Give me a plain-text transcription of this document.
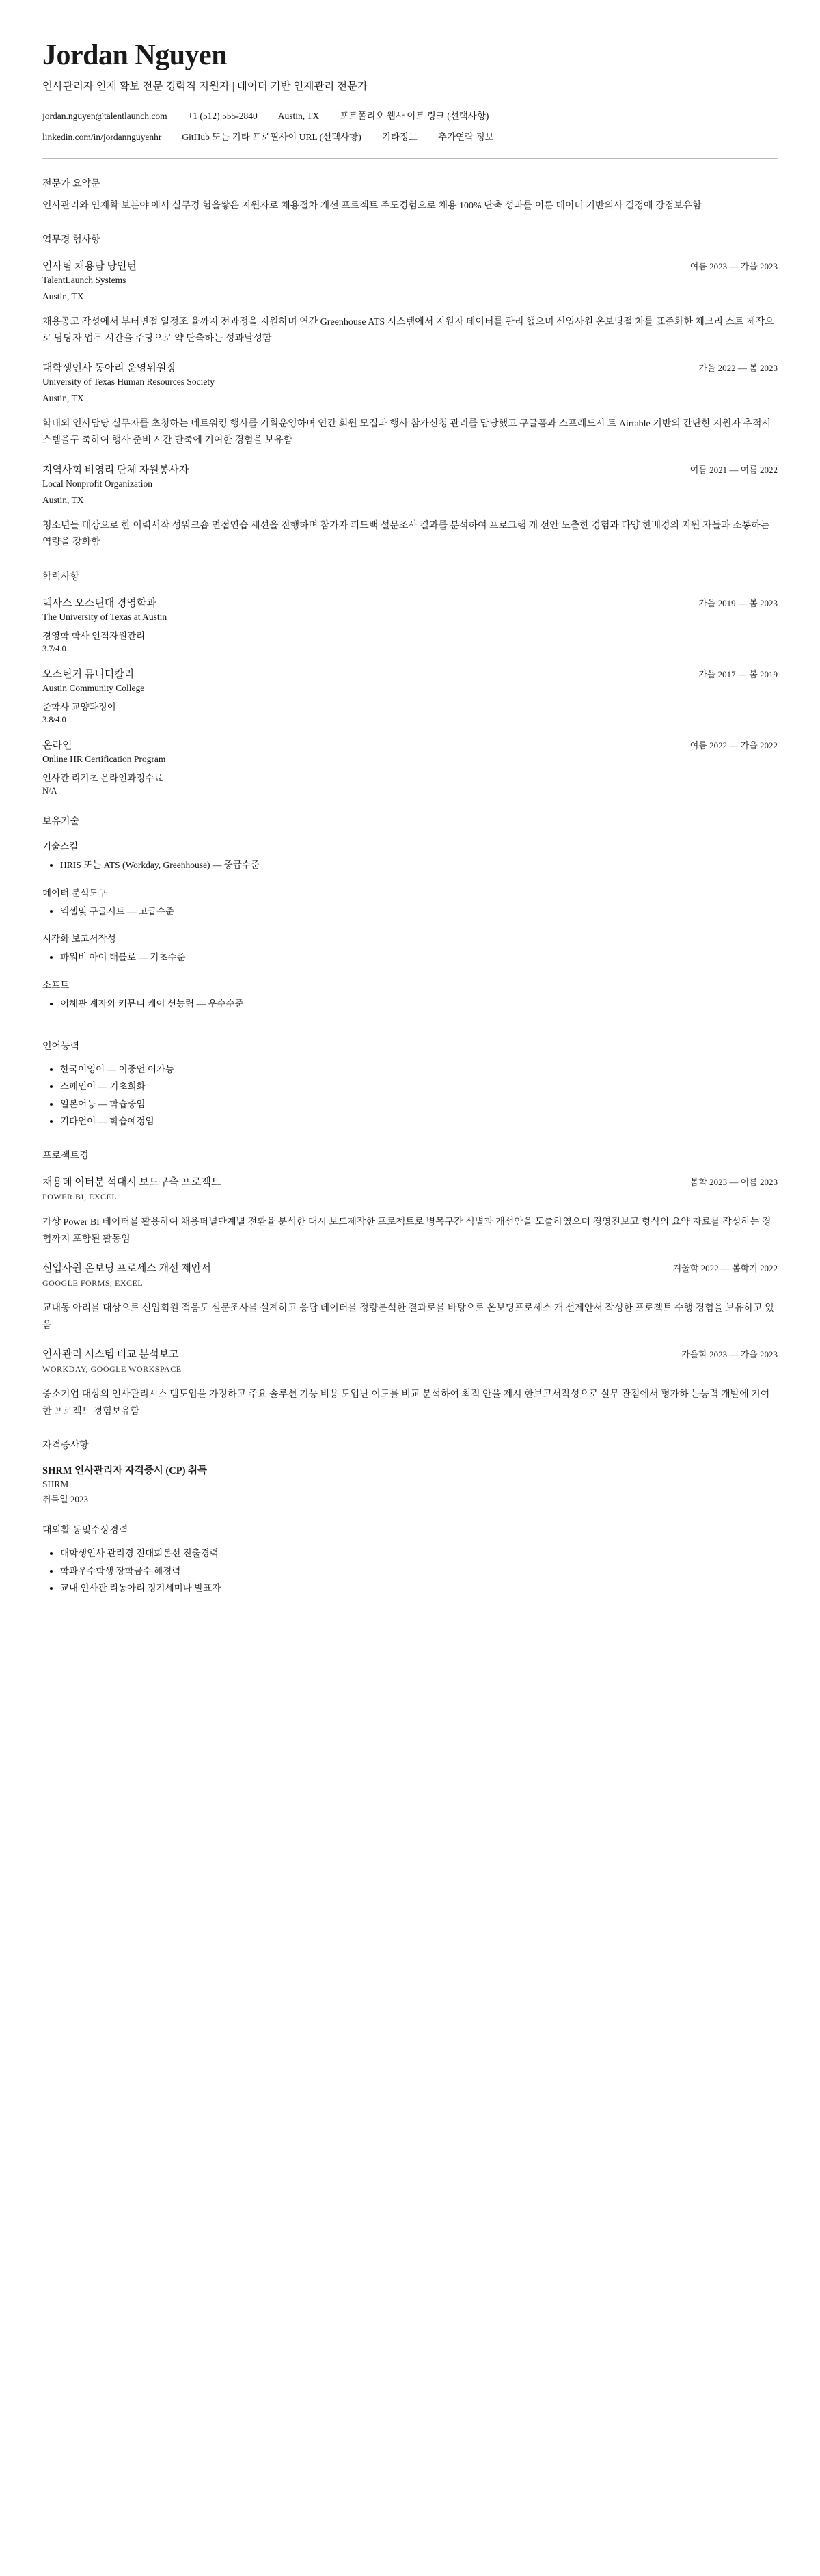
Jordan Nguyen
인사관리자 인재 확보 전문 경력직 지원자 | 데이터 기반 인재관리 전문가
jordan.nguyen@talentlaunch.com +1 (512) 555-2840 Austin, TX 포트폴리오 웹사 이트 링크 (선택사항)
linkedin.com/in/jordannguyenhr GitHub 또는 기타 프로필사이 URL (선택사항) 기타정보 추가연락 정보
전문가 요약문

인사관리와 인재확 보분야 에서 실무경 험을쌓은 지원자로 채용절차 개선 프로젝트 주도경험으로 채용 100% 단축 성과를 이룬 데이터 기반의사 결정에 강점보유함

업무경 험사항
인사팀 채용담 당인턴	여름 2023 — 가을 2023
TalentLaunch Systems
Austin, TX
채용공고 작성에서 부터면접 일정조 율까지 전과정을 지원하며 연간 Greenhouse ATS 시스템에서 지원자 데이터를 관리 했으며 신입사원 온보딩절 차를 표준화한 체크리 스트 제작으로 담당자 업무 시간을 주당으로 약 단축하는 성과달성함
대학생인사 동아리 운영위원장	가을 2022 — 봄 2023
University of Texas Human Resources Society
Austin, TX
학내외 인사담당 실무자를 초청하는 네트워킹 행사를 기획운영하며 연간 회원 모집과 행사 참가신청 관리를 담당했고 구글폼과 스프레드시 트 Airtable 기반의 간단한 지원자 추적시 스템을구 축하여 행사 준비 시간 단축에 기여한 경험을 보유함
지역사회 비영리 단체 자원봉사자	여름 2021 — 여름 2022
Local Nonprofit Organization
Austin, TX
청소년들 대상으로 한 이력서작 성워크숍 면접연습 세션을 진행하며 참가자 피드백 설문조사 결과를 분석하여 프로그램 개 선안 도출한 경험과 다양 한배경의 지원 자들과 소통하는 역량을 강화함
학력사항
텍사스 오스틴대 경영학과	가을 2019 — 봄 2023
The University of Texas at Austin
경영학 학사 인적자원관리
3.7/4.0
오스틴커 뮤니티칼리	가을 2017 — 봄 2019
Austin Community College
준학사 교양과정이
3.8/4.0
온라인	여름 2022 — 가을 2022
Online HR Certification Program
인사관 리기초 온라인과정수료
N/A
보유기술
기술스킬
• HRIS 또는 ATS (Workday, Greenhouse) — 중급수준
데이터 분석도구
• 엑셀및 구글시트 — 고급수준
시각화 보고서작성
• 파워비 아이 태블로 — 기초수준
소프트
• 이해관 계자와 커뮤니 케이 션능력 — 우수수준
언어능력
• 한국어영어 — 이중언 어가능
• 스페인어 — 기초회화
• 일본어능 — 학습중임
• 기타언어 — 학습예정임
프로젝트경
채용데 이터분 석대시 보드구축 프로젝트	봄학 2023 — 여름 2023
POWER BI, EXCEL
가상 Power BI 데이터를 활용하여 채용퍼널단계별 전환율 분석한 대시 보드제작한 프로젝트로 병목구간 식별과 개선안을 도출하였으며 경영진보고 형식의 요약 자료를 작성하는 경험까지 포함된 활동임
신입사원 온보딩 프로세스 개선 제안서	겨울학 2022 — 봄학기 2022
GOOGLE FORMS, EXCEL
교내동 아리를 대상으로 신입회원 적응도 설문조사를 설계하고 응답 데이터를 정량분석한 결과로를 바탕으로 온보딩프로세스 개 선제안서 작성한 프로젝트 수행 경험을 보유하고 있음
인사관리 시스템 비교 분석보고	가을학 2023 — 가을 2023
WORKDAY, GOOGLE WORKSPACE
중소기업 대상의 인사관리시스 템도입을 가정하고 주요 솔루션 기능 비용 도입난 이도를 비교 분석하여 최적 안을 제시 한보고서작성으로 실무 관점에서 평가하 는능력 개발에 기여한 프로젝트 경험보유함
자격증사항
SHRM 인사관리자 자격증시 (CP) 취득
SHRM
취득일 2023
대외활 동및수상경력
• 대학생인사 관리경 진대회본선 진출경력
• 학과우수학생 장학금수 혜경력
• 교내 인사관 리동아리 정기세미나 발표자
